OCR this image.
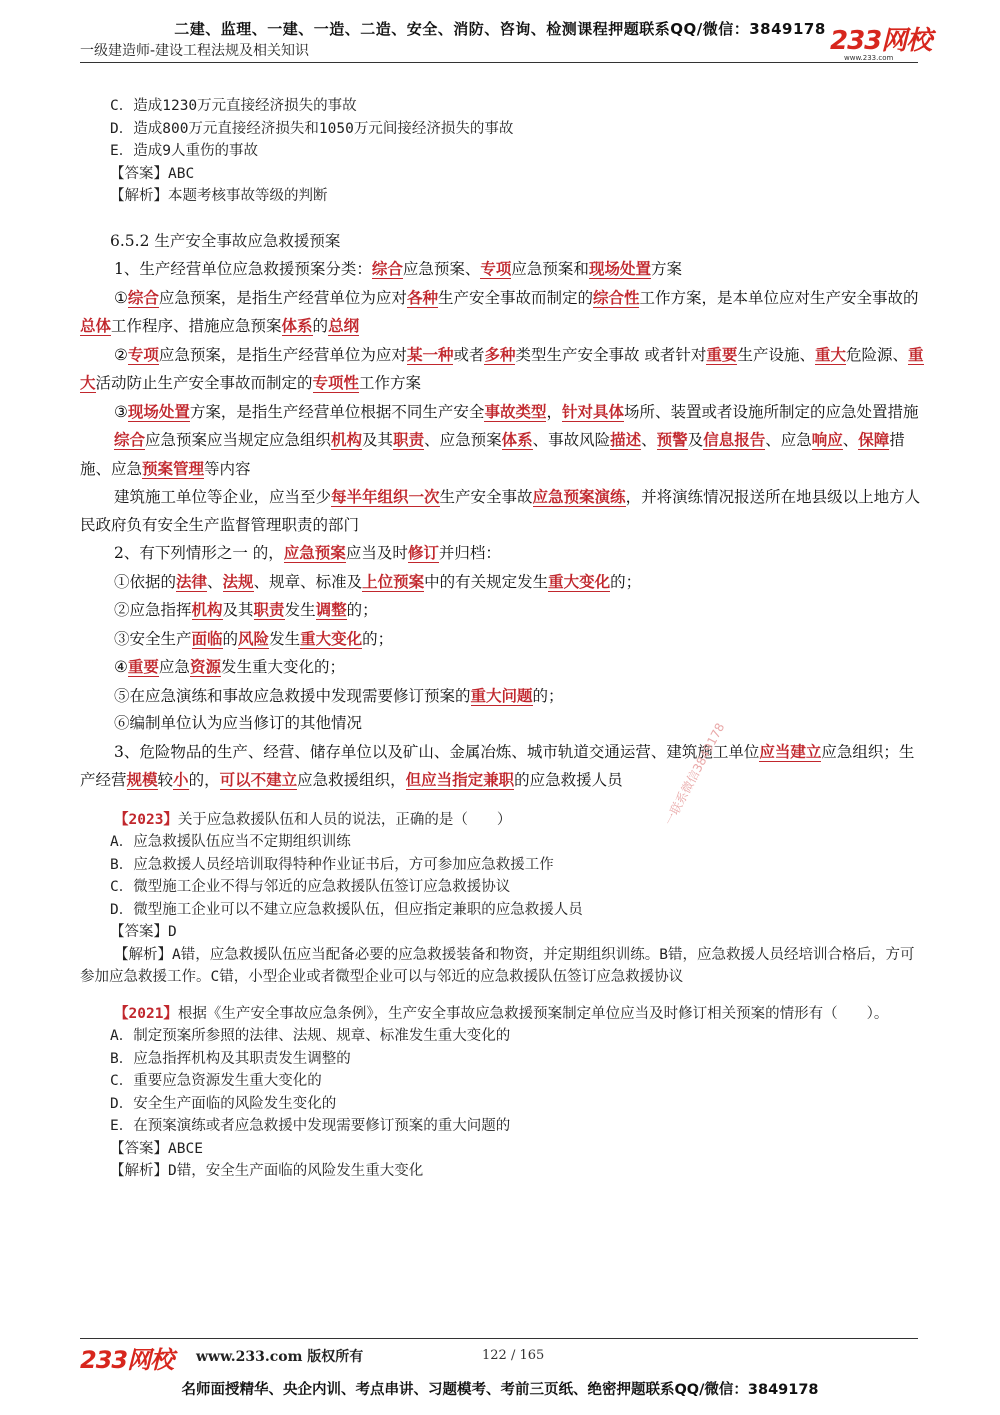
二建、监理、一建、一造、二造、安全、消防、咨询、检测课程押题联系QQ/微信：3849178
一级建造师-建设工程法规及相关知识	233网校
www.233.com
C．造成1230万元直接经济损失的事故
D．造成800万元直接经济损失和1050万元间接经济损失的事故
E．造成9人重伤的事故
【答案】ABC
【解析】本题考核事故等级的判断
6.5.2 生产安全事故应急救援预案
1、生产经营单位应急救援预案分类：综合应急预案、专项应急预案和现场处置方案
①综合应急预案，是指生产经营单位为应对各种生产安全事故而制定的综合性工作方案，是本单位应对生产安全事故的总体工作程序、措施应急预案体系的总纲
②专项应急预案，是指生产经营单位为应对某一种或者多种类型生产安全事故 或者针对重要生产设施、重大危险源、重大活动防止生产安全事故而制定的专项性工作方案
③现场处置方案，是指生产经营单位根据不同生产安全事故类型，针对具体场所、装置或者设施所制定的应急处置措施
综合应急预案应当规定应急组织机构及其职责、应急预案体系、事故风险描述、预警及信息报告、应急响应、保障措施、应急预案管理等内容
建筑施工单位等企业，应当至少每半年组织一次生产安全事故应急预案演练，并将演练情况报送所在地县级以上地方人民政府负有安全生产监督管理职责的部门
2、有下列情形之一 的，应急预案应当及时修订并归档：
①依据的法律、法规、规章、标准及上位预案中的有关规定发生重大变化的；
②应急指挥机构及其职责发生调整的；
③安全生产面临的风险发生重大变化的；
④重要应急资源发生重大变化的；
⑤在应急演练和事故应急救援中发现需要修订预案的重大问题的；
⑥编制单位认为应当修订的其他情况
3、危险物品的生产、经营、储存单位以及矿山、金属冶炼、城市轨道交通运营、建筑施工单位应当建立应急组织；生产经营规模较小的，可以不建立应急救援组织，但应当指定兼职的应急救援人员
【2023】关于应急救援队伍和人员的说法，正确的是（　　）
A．应急救援队伍应当不定期组织训练
B．应急救援人员经培训取得特种作业证书后，方可参加应急救援工作
C．微型施工企业不得与邻近的应急救援队伍签订应急救援协议
D．微型施工企业可以不建立应急救援队伍，但应指定兼职的应急救援人员
【答案】D
【解析】A错，应急救援队伍应当配备必要的应急救援装备和物资，并定期组织训练。B错，应急救援人员经培训合格后，方可参加应急救援工作。C错，小型企业或者微型企业可以与邻近的应急救援队伍签订应急救援协议
【2021】根据《生产安全事故应急条例》，生产安全事故应急救援预案制定单位应当及时修订相关预案的情形有（　　）。
A．制定预案所参照的法律、法规、规章、标准发生重大变化的
B．应急指挥机构及其职责发生调整的
C．重要应急资源发生重大变化的
D．安全生产面临的风险发生变化的
E．在预案演练或者应急救援中发现需要修订预案的重大问题的
【答案】ABCE
【解析】D错，安全生产面临的风险发生重大变化
一联系微信3849178
233网校 www.233.com 版权所有	122 / 165
名师面授精华、央企内训、考点串讲、习题模考、考前三页纸、绝密押题联系QQ/微信：3849178
